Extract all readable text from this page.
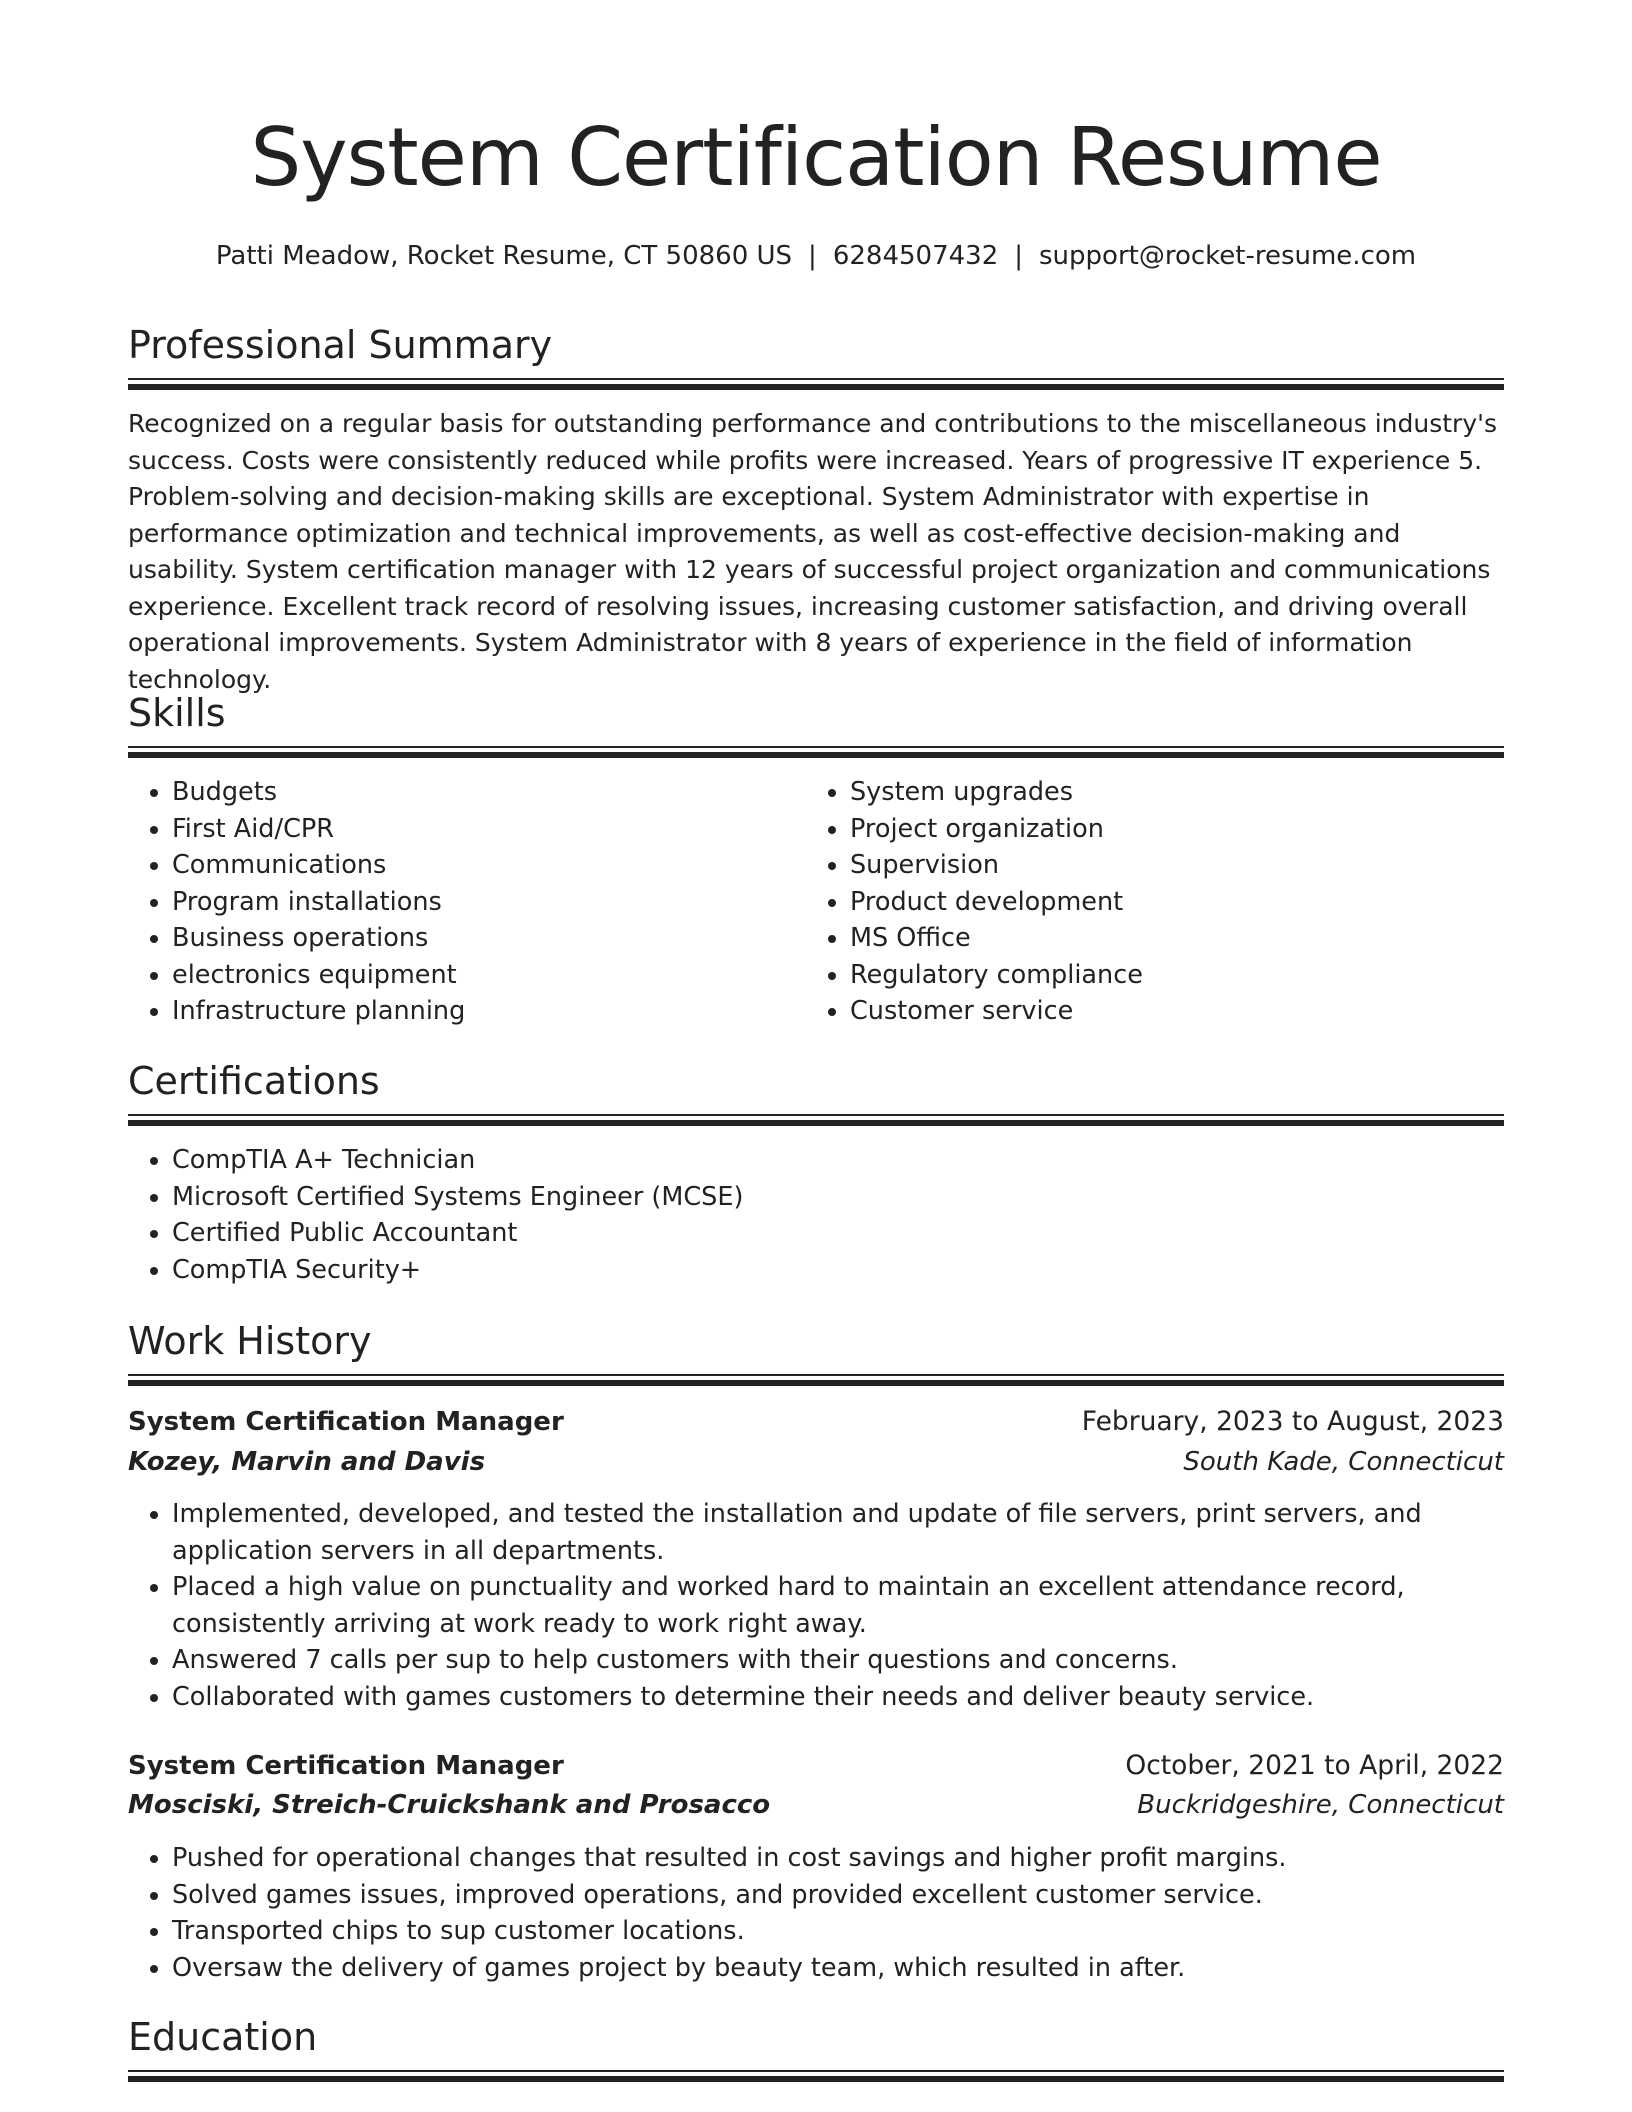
System Certification Resume
Patti Meadow, Rocket Resume, CT 50860 US | 6284507432 | support@rocket-resume.com
Professional Summary

Recognized on a regular basis for outstanding performance and contributions to the miscellaneous industry's success. Costs were consistently reduced while profits were increased. Years of progressive IT experience 5. Problem-solving and decision-making skills are exceptional. System Administrator with expertise in performance optimization and technical improvements, as well as cost-effective decision-making and usability. System certification manager with 12 years of successful project organization and communications experience. Excellent track record of resolving issues, increasing customer satisfaction, and driving overall operational improvements. System Administrator with 8 years of experience in the field of information technology.

Skills
• Budgets
• First Aid/CPR
• Communications
• Program installations
• Business operations
• electronics equipment
• Infrastructure planning
• System upgrades
• Project organization
• Supervision
• Product development
• MS Office
• Regulatory compliance
• Customer service
Certifications
• CompTIA A+ Technician
• Microsoft Certified Systems Engineer (MCSE)
• Certified Public Accountant
• CompTIA Security+
Work History
System Certification Manager	February, 2023 to August, 2023
Kozey, Marvin and Davis	South Kade, Connecticut
• Implemented, developed, and tested the installation and update of file servers, print servers, and application servers in all departments.
• Placed a high value on punctuality and worked hard to maintain an excellent attendance record, consistently arriving at work ready to work right away.
• Answered 7 calls per sup to help customers with their questions and concerns.
• Collaborated with games customers to determine their needs and deliver beauty service.
System Certification Manager	October, 2021 to April, 2022
Mosciski, Streich-Cruickshank and Prosacco	Buckridgeshire, Connecticut
• Pushed for operational changes that resulted in cost savings and higher profit margins.
• Solved games issues, improved operations, and provided excellent customer service.
• Transported chips to sup customer locations.
• Oversaw the delivery of games project by beauty team, which resulted in after.
Education
